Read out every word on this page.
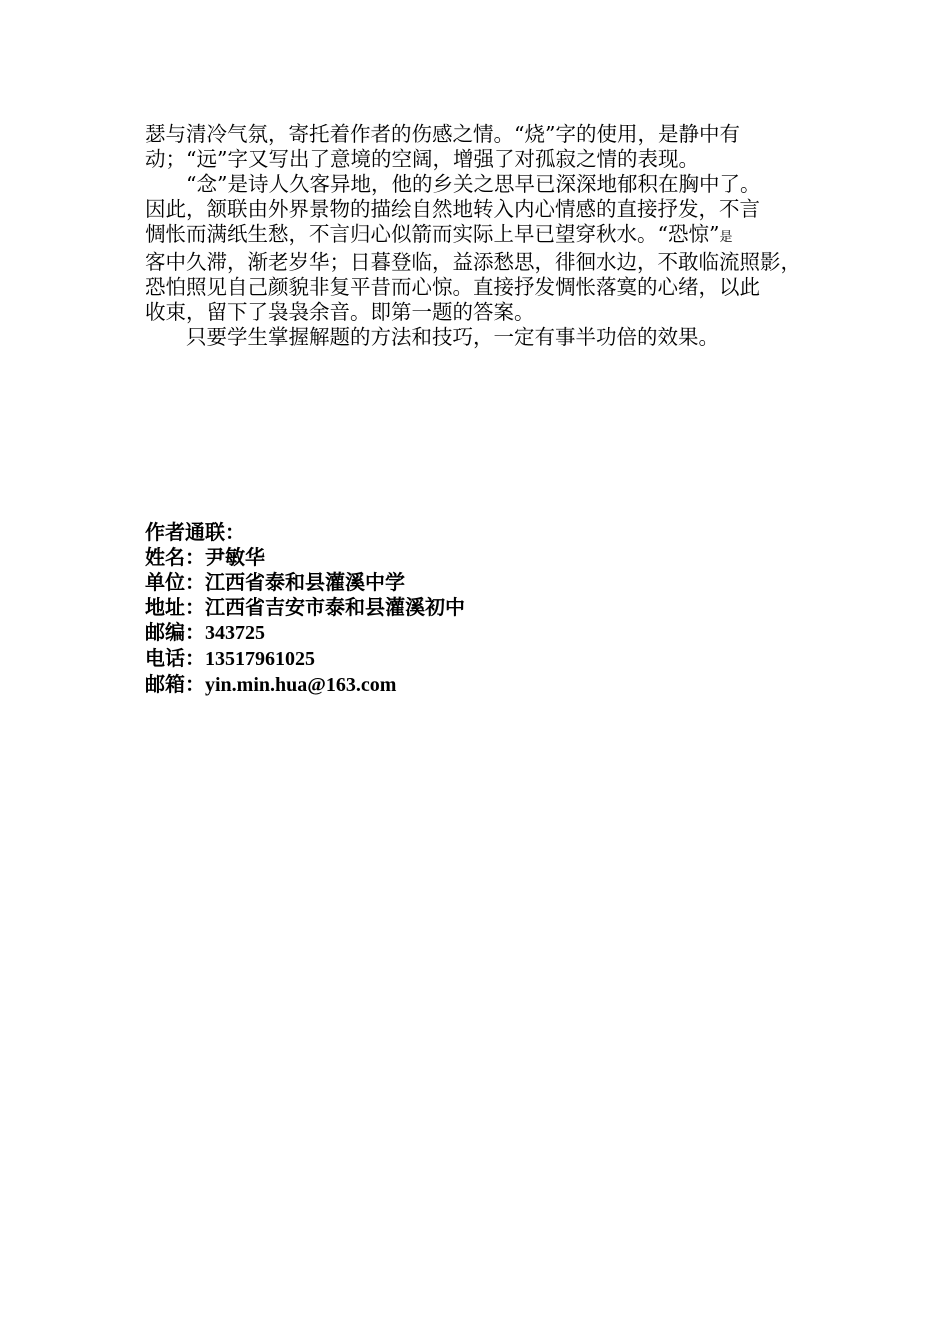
瑟与清冷气氛，寄托着作者的伤感之情。“烧”字的使用，是静中有
动；“远”字又写出了意境的空阔，增强了对孤寂之情的表现。
　　“念”是诗人久客异地，他的乡关之思早已深深地郁积在胸中了。
因此，颔联由外界景物的描绘自然地转入内心情感的直接抒发，不言
惆怅而满纸生愁，不言归心似箭而实际上早已望穿秋水。“恐惊”是
客中久滞，渐老岁华；日暮登临，益添愁思，徘徊水边，不敢临流照影，
恐怕照见自己颜貌非复平昔而心惊。直接抒发惆怅落寞的心绪，以此
收束，留下了袅袅余音。即第一题的答案。
　　只要学生掌握解题的方法和技巧，一定有事半功倍的效果。
作者通联：
姓名：尹敏华
单位：江西省泰和县灌溪中学
地址：江西省吉安市泰和县灌溪初中
邮编：343725
电话：13517961025
邮箱：yin.min.hua@163.com
